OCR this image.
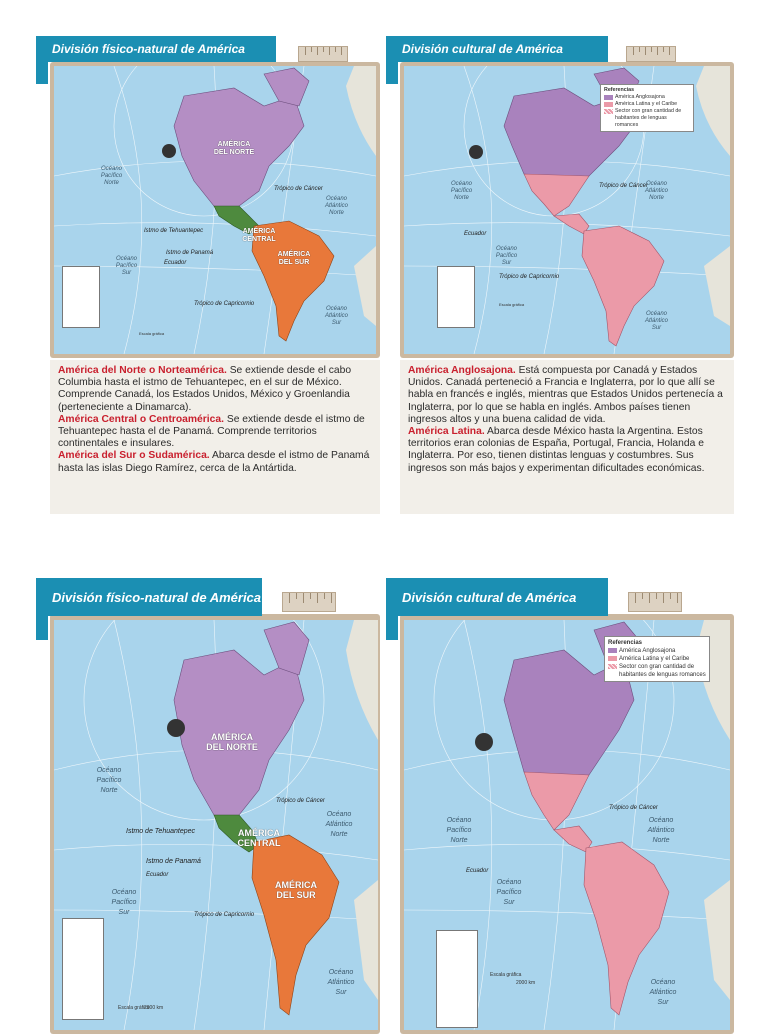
División físico-natural de América
AMÉRICA
DEL NORTE
AMÉRICA
CENTRAL
AMÉRICA
DEL SUR
Océano
Pacífico
Norte
Océano
Pacífico
Sur
Océano
Atlántico
Norte
Océano
Atlántico
Sur
Istmo de Tehuantepec
Istmo de Panamá
Trópico de Cáncer
Trópico de Capricornio
Ecuador
Escala gráfica
América del Norte o Norteamérica. Se extiende desde el cabo Columbia hasta el istmo de Tehuantepec, en el sur de México. Comprende Canadá, los Estados Unidos, México y Groenlandia (perteneciente a Dinamarca).
América Central o Centroamérica. Se extiende desde el istmo de Tehuantepec hasta el de Panamá. Comprende territorios continentales e insulares.
América del Sur o Sudamérica. Abarca desde el istmo de Panamá hasta las islas Diego Ramírez, cerca de la Antártida.
División cultural de América
Referencias
América Anglosajona
América Latina y el Caribe
Sector con gran cantidad de habitantes de lenguas romances
Océano
Pacífico
Norte
Océano
Pacífico
Sur
Océano
Atlántico
Norte
Océano
Atlántico
Sur
Trópico de Cáncer
Trópico de Capricornio
Ecuador
Escala gráfica
América Anglosajona. Está compuesta por Canadá y Estados Unidos. Canadá perteneció a Francia e Inglaterra, por lo que allí se habla en francés e inglés, mientras que Estados Unidos pertenecía a Inglaterra, por lo que se habla en inglés. Ambos países tienen ingresos altos y una buena calidad de vida.
América Latina. Abarca desde México hasta la Argentina. Estos territorios eran colonias de España, Portugal, Francia, Holanda e Inglaterra. Por eso, tienen distintas lenguas y costumbres. Sus ingresos son más bajos y experimentan dificultades económicas.
División físico-natural de América
AMÉRICA
DEL NORTE
AMÉRICA
CENTRAL
AMÉRICA
DEL SUR
Océano
Pacífico
Norte
Océano
Pacífico
Sur
Océano
Atlántico
Norte
Océano
Atlántico
Sur
Istmo de Tehuantepec
Istmo de Panamá
Trópico de Cáncer
Trópico de Capricornio
Ecuador
Escala gráfica
2000 km
División cultural de América
Referencias
América Anglosajona
América Latina y el Caribe
Sector con gran cantidad de habitantes de lenguas romances
Océano
Pacífico
Norte
Océano
Pacífico
Sur
Océano
Atlántico
Norte
Océano
Atlántico
Sur
Trópico de Cáncer
Ecuador
Escala gráfica
2000 km
